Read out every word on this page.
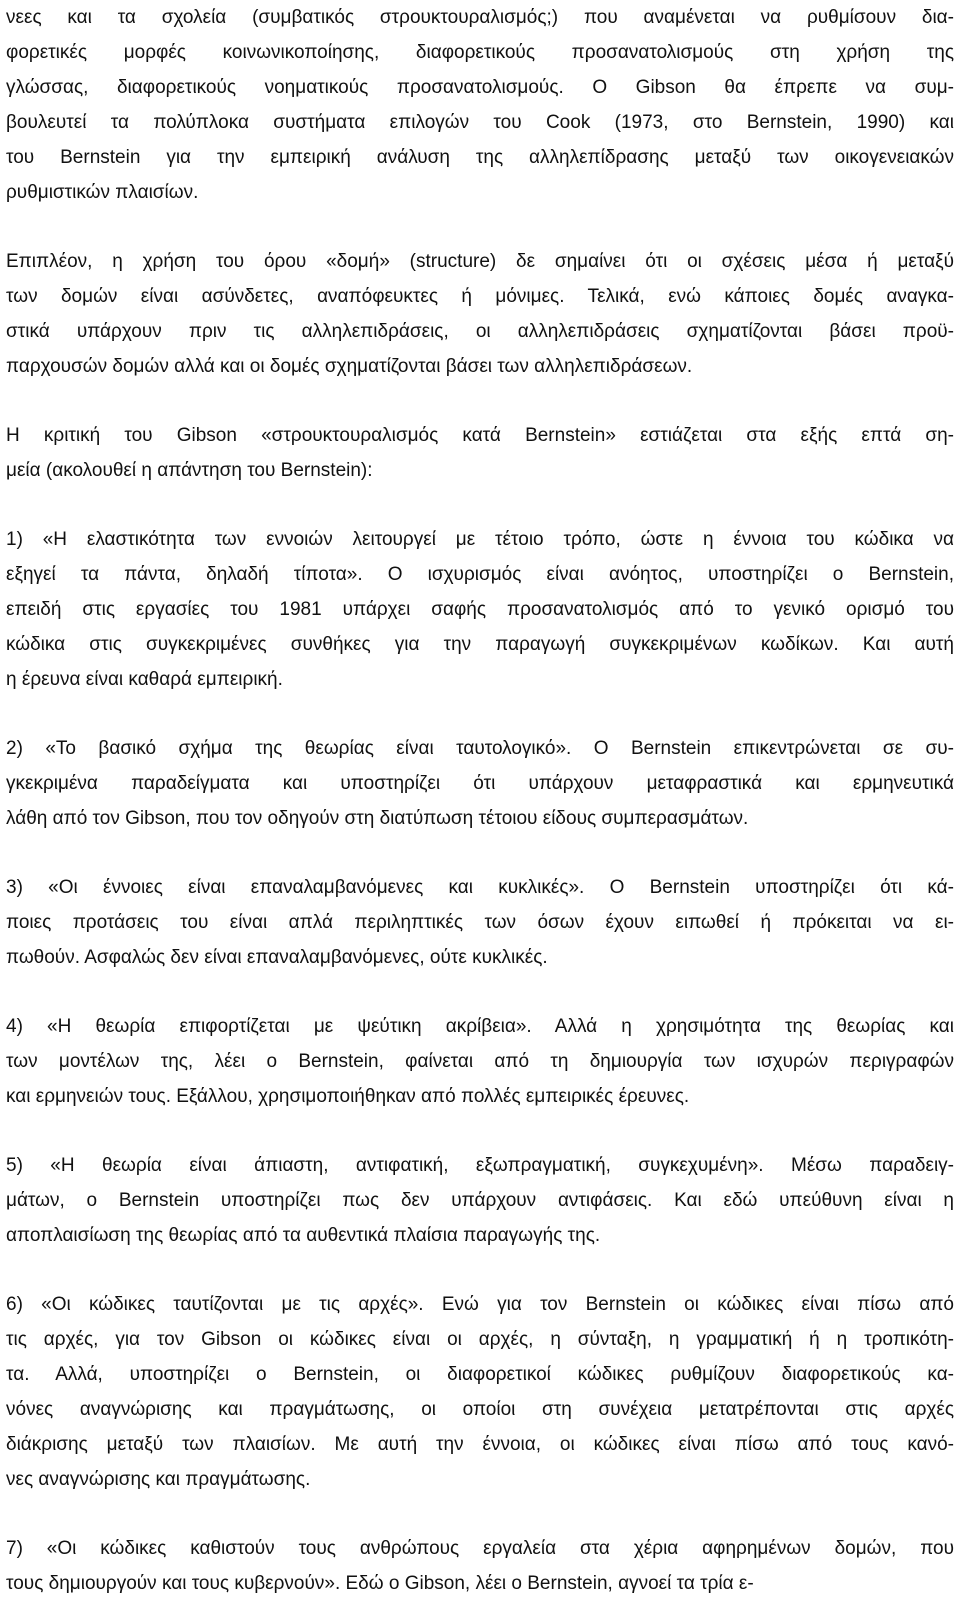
νεες και τα σχολεία (συμβατικός στρουκτουραλισμός;) που αναμένεται να ρυθμίσουν δια-
φορετικές μορφές κοινωνικοποίησης, διαφορετικούς προσανατολισμούς στη χρήση της
γλώσσας, διαφορετικούς νοηματικούς προσανατολισμούς. Ο Gibson θα έπρεπε να συμ-
βουλευτεί τα πολύπλοκα συστήματα επιλογών του Cook (1973, στο Bernstein, 1990) και
του Bernstein για την εμπειρική ανάλυση της αλληλεπίδρασης μεταξύ των οικογενειακών
ρυθμιστικών πλαισίων.
Επιπλέον, η χρήση του όρου «δομή» (structure) δε σημαίνει ότι οι σχέσεις μέσα ή μεταξύ
των δομών είναι ασύνδετες, αναπόφευκτες ή μόνιμες. Τελικά, ενώ κάποιες δομές αναγκα-
στικά υπάρχουν πριν τις αλληλεπιδράσεις, οι αλληλεπιδράσεις σχηματίζονται βάσει προϋ-
παρχουσών δομών αλλά και οι δομές σχηματίζονται βάσει των αλληλεπιδράσεων.
Η κριτική του Gibson «στρουκτουραλισμός κατά Bernstein» εστιάζεται στα εξής επτά ση-
μεία (ακολουθεί η απάντηση του Bernstein):
1) «Η ελαστικότητα των εννοιών λειτουργεί με τέτοιο τρόπο, ώστε η έννοια του κώδικα να
εξηγεί τα πάντα, δηλαδή τίποτα». Ο ισχυρισμός είναι ανόητος, υποστηρίζει ο Bernstein,
επειδή στις εργασίες του 1981 υπάρχει σαφής προσανατολισμός από το γενικό ορισμό του
κώδικα στις συγκεκριμένες συνθήκες για την παραγωγή συγκεκριμένων κωδίκων. Και αυτή
η έρευνα είναι καθαρά εμπειρική.
2) «Το βασικό σχήμα της θεωρίας είναι ταυτολογικό». Ο Bernstein επικεντρώνεται σε συ-
γκεκριμένα παραδείγματα και υποστηρίζει ότι υπάρχουν μεταφραστικά και ερμηνευτικά
λάθη από τον Gibson, που τον οδηγούν στη διατύπωση τέτοιου είδους συμπερασμάτων.
3) «Οι έννοιες είναι επαναλαμβανόμενες και κυκλικές». Ο Bernstein υποστηρίζει ότι κά-
ποιες προτάσεις του είναι απλά περιληπτικές των όσων έχουν ειπωθεί ή πρόκειται να ει-
πωθούν. Ασφαλώς δεν είναι επαναλαμβανόμενες, ούτε κυκλικές.
4) «Η θεωρία επιφορτίζεται με ψεύτικη ακρίβεια». Αλλά η χρησιμότητα της θεωρίας και
των μοντέλων της, λέει ο Bernstein, φαίνεται από τη δημιουργία των ισχυρών περιγραφών
και ερμηνειών τους. Εξάλλου, χρησιμοποιήθηκαν από πολλές εμπειρικές έρευνες.
5) «Η θεωρία είναι άπιαστη, αντιφατική, εξωπραγματική, συγκεχυμένη». Μέσω παραδειγ-
μάτων, ο Bernstein υποστηρίζει πως δεν υπάρχουν αντιφάσεις. Και εδώ υπεύθυνη είναι η
αποπλαισίωση της θεωρίας από τα αυθεντικά πλαίσια παραγωγής της.
6) «Οι κώδικες ταυτίζονται με τις αρχές». Ενώ για τον Bernstein οι κώδικες είναι πίσω από
τις αρχές, για τον Gibson οι κώδικες είναι οι αρχές, η σύνταξη, η γραμματική ή η τροπικότη-
τα. Αλλά, υποστηρίζει ο Bernstein, οι διαφορετικοί κώδικες ρυθμίζουν διαφορετικούς κα-
νόνες αναγνώρισης και πραγμάτωσης, οι οποίοι στη συνέχεια μετατρέπονται στις αρχές
διάκρισης μεταξύ των πλαισίων. Με αυτή την έννοια, οι κώδικες είναι πίσω από τους κανό-
νες αναγνώρισης και πραγμάτωσης.
7) «Οι κώδικες καθιστούν τους ανθρώπους εργαλεία στα χέρια αφηρημένων δομών, που
τους δημιουργούν και τους κυβερνούν». Εδώ ο Gibson, λέει ο Bernstein, αγνοεί τα τρία ε-
